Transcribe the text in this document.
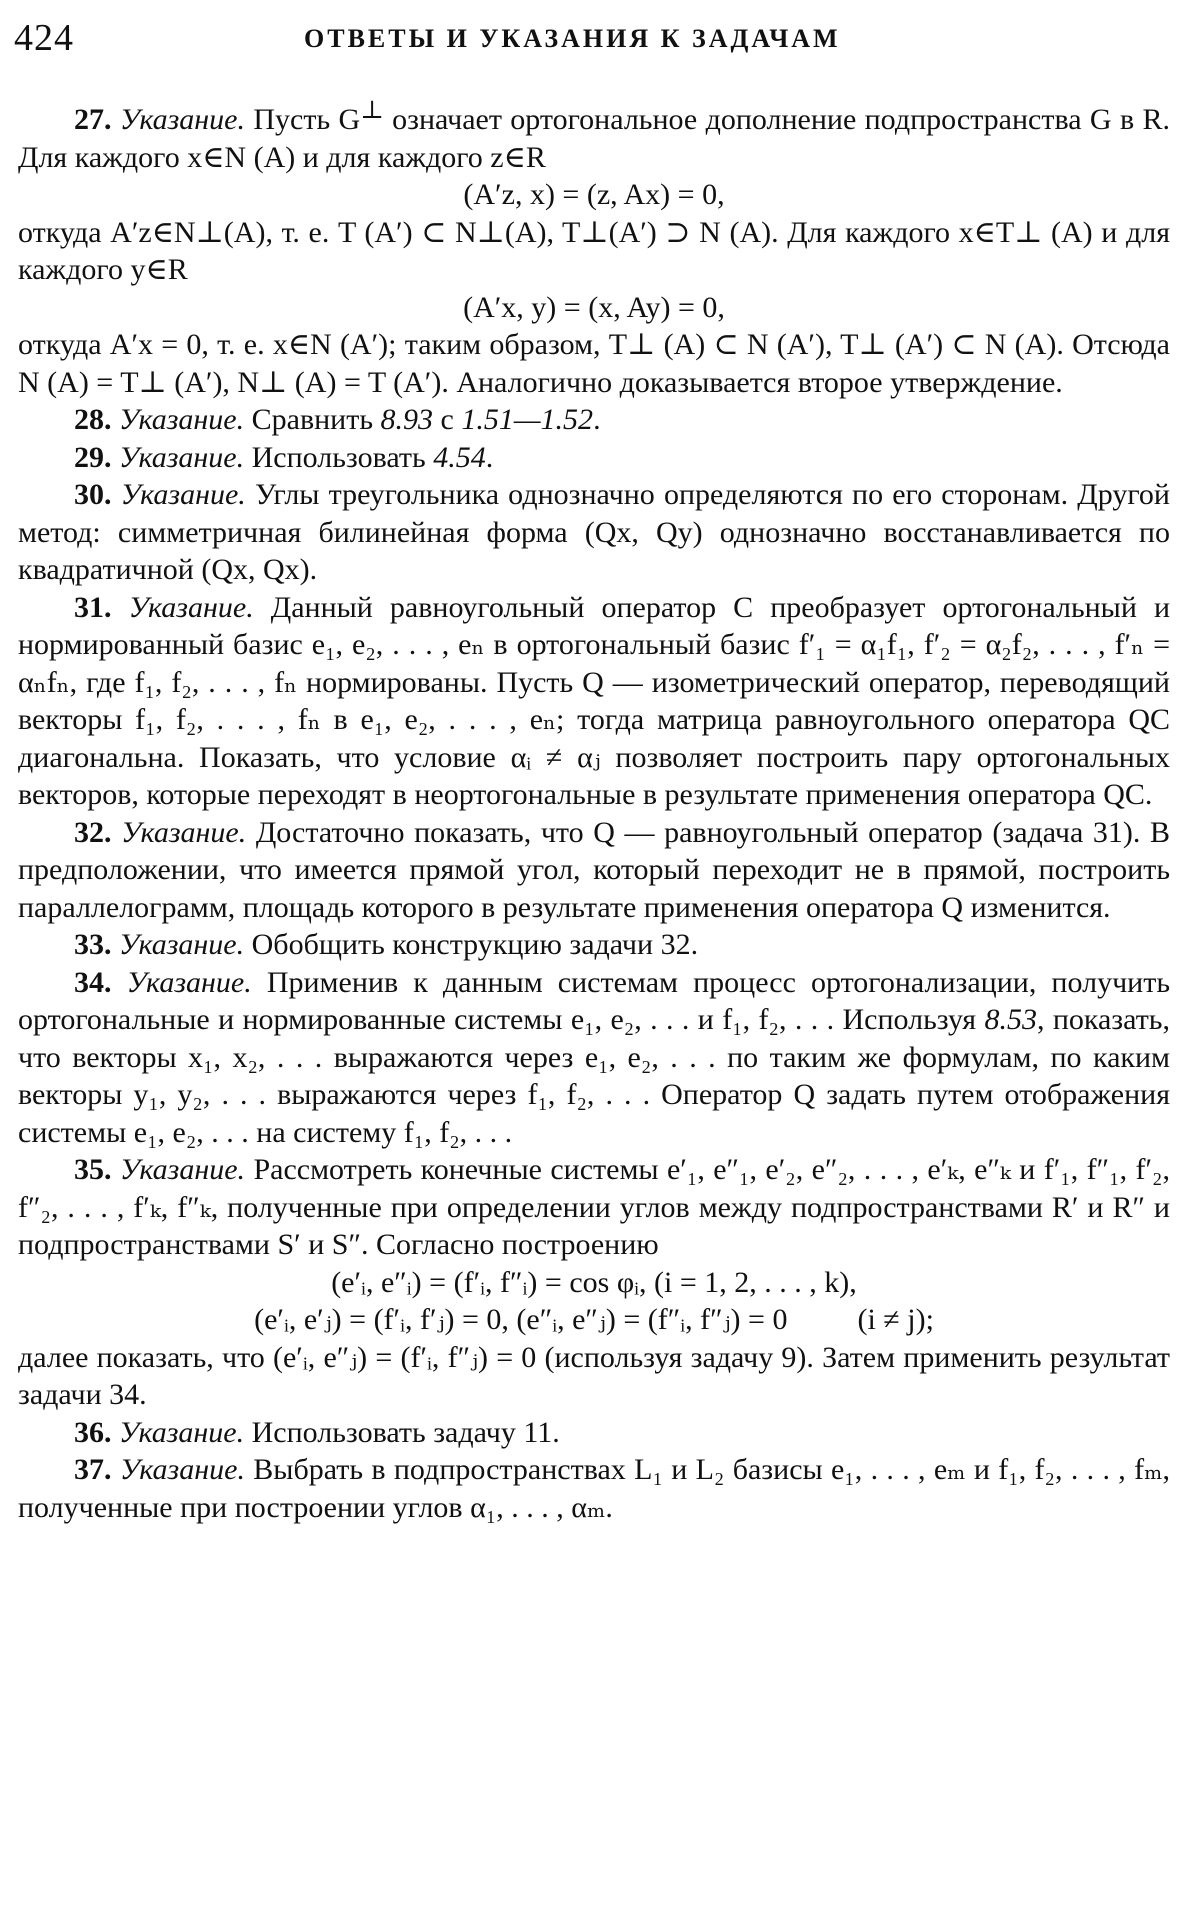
424	ОТВЕТЫ И УКАЗАНИЯ К ЗАДАЧАМ

27. Указание. Пусть G⊥ означает ортогональное дополнение подпространства G в R. Для каждого x∈N (A) и для каждого z∈R

(A′z, x) = (z, Ax) = 0,

откуда A′z∈N⊥(A), т. е. T (A′) ⊂ N⊥(A), T⊥(A′) ⊃ N (A). Для каждого x∈T⊥ (A) и для каждого y∈R

(A′x, y) = (x, Ay) = 0,

откуда A′x = 0, т. е. x∈N (A′); таким образом, T⊥ (A) ⊂ N (A′), T⊥ (A′) ⊂ N (A). Отсюда N (A) = T⊥ (A′), N⊥ (A) = T (A′). Аналогично доказывается второе утверждение.

28. Указание. Сравнить 8.93 с 1.51—1.52.

29. Указание. Использовать 4.54.

30. Указание. Углы треугольника однозначно определяются по его сторонам. Другой метод: симметричная билинейная форма (Qx, Qy) однозначно восстанавливается по квадратичной (Qx, Qx).

31. Указание. Данный равноугольный оператор C преобразует ортогональный и нормированный базис e₁, e₂, . . . , eₙ в ортогональный базис f′₁ = α₁f₁, f′₂ = α₂f₂, . . . , f′ₙ = αₙfₙ, где f₁, f₂, . . . , fₙ нормированы. Пусть Q — изометрический оператор, переводящий векторы f₁, f₂, . . . , fₙ в e₁, e₂, . . . , eₙ; тогда матрица равноугольного оператора QC диагональна. Показать, что условие αᵢ ≠ αⱼ позволяет построить пару ортогональных векторов, которые переходят в неортогональные в результате применения оператора QC.

32. Указание. Достаточно показать, что Q — равноугольный оператор (задача 31). В предположении, что имеется прямой угол, который переходит не в прямой, построить параллелограмм, площадь которого в результате применения оператора Q изменится.

33. Указание. Обобщить конструкцию задачи 32.

34. Указание. Применив к данным системам процесс ортогонализации, получить ортогональные и нормированные системы e₁, e₂, . . . и f₁, f₂, . . . Используя 8.53, показать, что векторы x₁, x₂, . . . выражаются через e₁, e₂, . . . по таким же формулам, по каким векторы y₁, y₂, . . . выражаются через f₁, f₂, . . . Оператор Q задать путем отображения системы e₁, e₂, . . . на систему f₁, f₂, . . .

35. Указание. Рассмотреть конечные системы e′₁, e″₁, e′₂, e″₂, . . . , e′ₖ, e″ₖ и f′₁, f″₁, f′₂, f″₂, . . . , f′ₖ, f″ₖ, полученные при определении углов между подпространствами R′ и R″ и подпространствами S′ и S″. Согласно построению

(e′ᵢ, e″ᵢ) = (f′ᵢ, f″ᵢ) = cos φᵢ, (i = 1, 2, . . . , k),
(e′ᵢ, e′ⱼ) = (f′ᵢ, f′ⱼ) = 0, (e″ᵢ, e″ⱼ) = (f″ᵢ, f″ⱼ) = 0 (i ≠ j);

далее показать, что (e′ᵢ, e″ⱼ) = (f′ᵢ, f″ⱼ) = 0 (используя задачу 9). Затем применить результат задачи 34.

36. Указание. Использовать задачу 11.

37. Указание. Выбрать в подпространствах L₁ и L₂ базисы e₁, . . . , eₘ и f₁, f₂, . . . , fₘ, полученные при построении углов α₁, . . . , αₘ.
